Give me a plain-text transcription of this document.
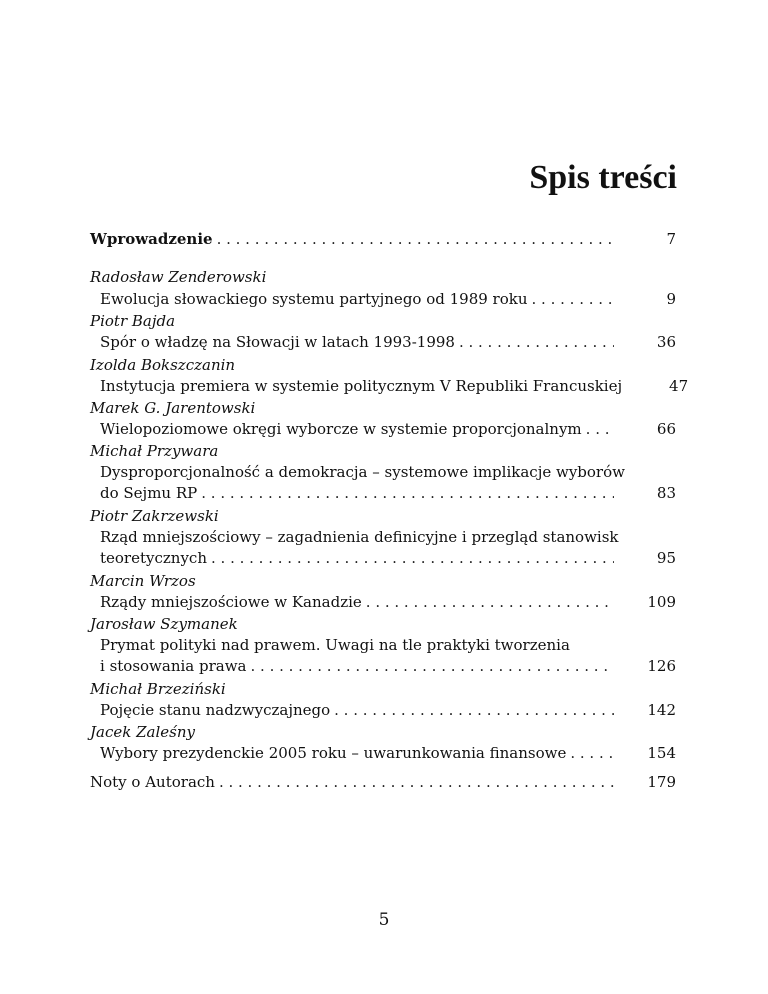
Spis treści
Wprowadzenie . . .	7
Radosław Zenderowski
Ewolucja słowackiego systemu partyjnego od 1989 roku . . .	9
Piotr Bajda
Spór o władzę na Słowacji w latach 1993-1998 . . .	36
Izolda Bokszczanin
Instytucja premiera w systemie politycznym V Republiki Francuskiej . . .	47
Marek G. Jarentowski
Wielopoziomowe okręgi wyborcze w systemie proporcjonalnym . . .	66
Michał Przywara
Dysproporcjonalność a demokracja – systemowe implikacje wyborów
do Sejmu RP . . .	83
Piotr Zakrzewski
Rząd mniejszościowy – zagadnienia definicyjne i przegląd stanowisk
teoretycznych . . .	95
Marcin Wrzos
Rządy mniejszościowe w Kanadzie . . .	109
Jarosław Szymanek
Prymat polityki nad prawem. Uwagi na tle praktyki tworzenia
i stosowania prawa . . .	126
Michał Brzeziński
Pojęcie stanu nadzwyczajnego . . .	142
Jacek Zaleśny
Wybory prezydenckie 2005 roku – uwarunkowania finansowe . . .	154
Noty o Autorach . . .	179
5
